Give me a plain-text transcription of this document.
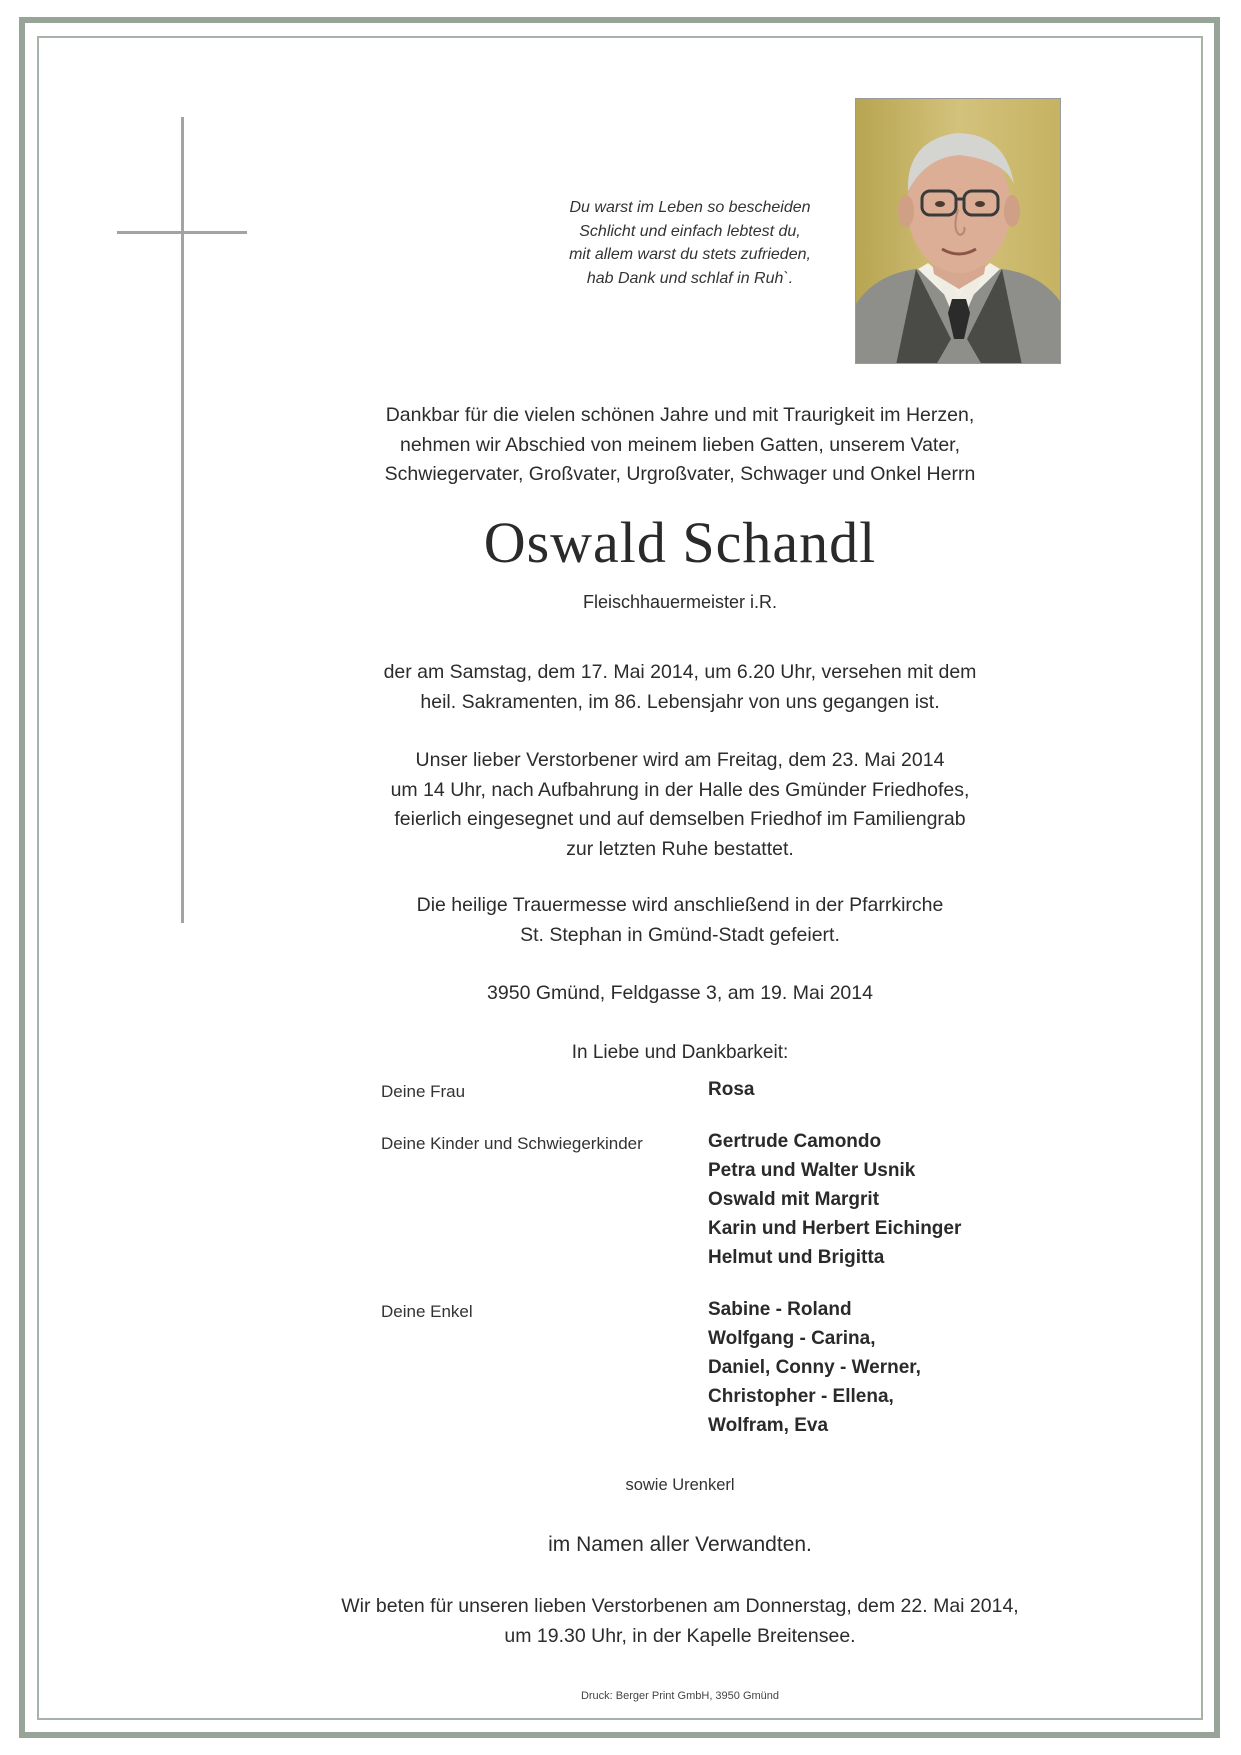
Du warst im Leben so bescheiden
Schlicht und einfach lebtest du,
mit allem warst du stets zufrieden,
hab Dank und schlaf in Ruh`.
Dankbar für die vielen schönen Jahre und mit Traurigkeit im Herzen,
nehmen wir Abschied von meinem lieben Gatten, unserem Vater,
Schwiegervater, Großvater, Urgroßvater, Schwager und Onkel Herrn
Oswald Schandl
Fleischhauermeister i.R.
der am Samstag, dem 17. Mai 2014, um 6.20 Uhr, versehen mit dem
heil. Sakramenten, im 86. Lebensjahr von uns gegangen ist.
Unser lieber Verstorbener wird am Freitag, dem 23. Mai 2014
um 14 Uhr, nach Aufbahrung in der Halle des Gmünder Friedhofes,
feierlich eingesegnet und auf demselben Friedhof im Familiengrab
zur letzten Ruhe bestattet.
Die heilige Trauermesse wird anschließend in der Pfarrkirche
St. Stephan in Gmünd-Stadt gefeiert.
3950 Gmünd, Feldgasse 3, am 19. Mai 2014
In Liebe und Dankbarkeit:
Deine Frau	Rosa
Deine Kinder und Schwiegerkinder	Gertrude Camondo
Petra und Walter Usnik
Oswald mit Margrit
Karin und Herbert Eichinger
Helmut und Brigitta
Deine Enkel	Sabine - Roland
Wolfgang - Carina,
Daniel, Conny - Werner,
Christopher - Ellena,
Wolfram, Eva
sowie Urenkerl
im Namen aller Verwandten.
Wir beten für unseren lieben Verstorbenen am Donnerstag, dem 22. Mai 2014,
um 19.30 Uhr, in der Kapelle Breitensee.
Druck: Berger Print GmbH, 3950 Gmünd
